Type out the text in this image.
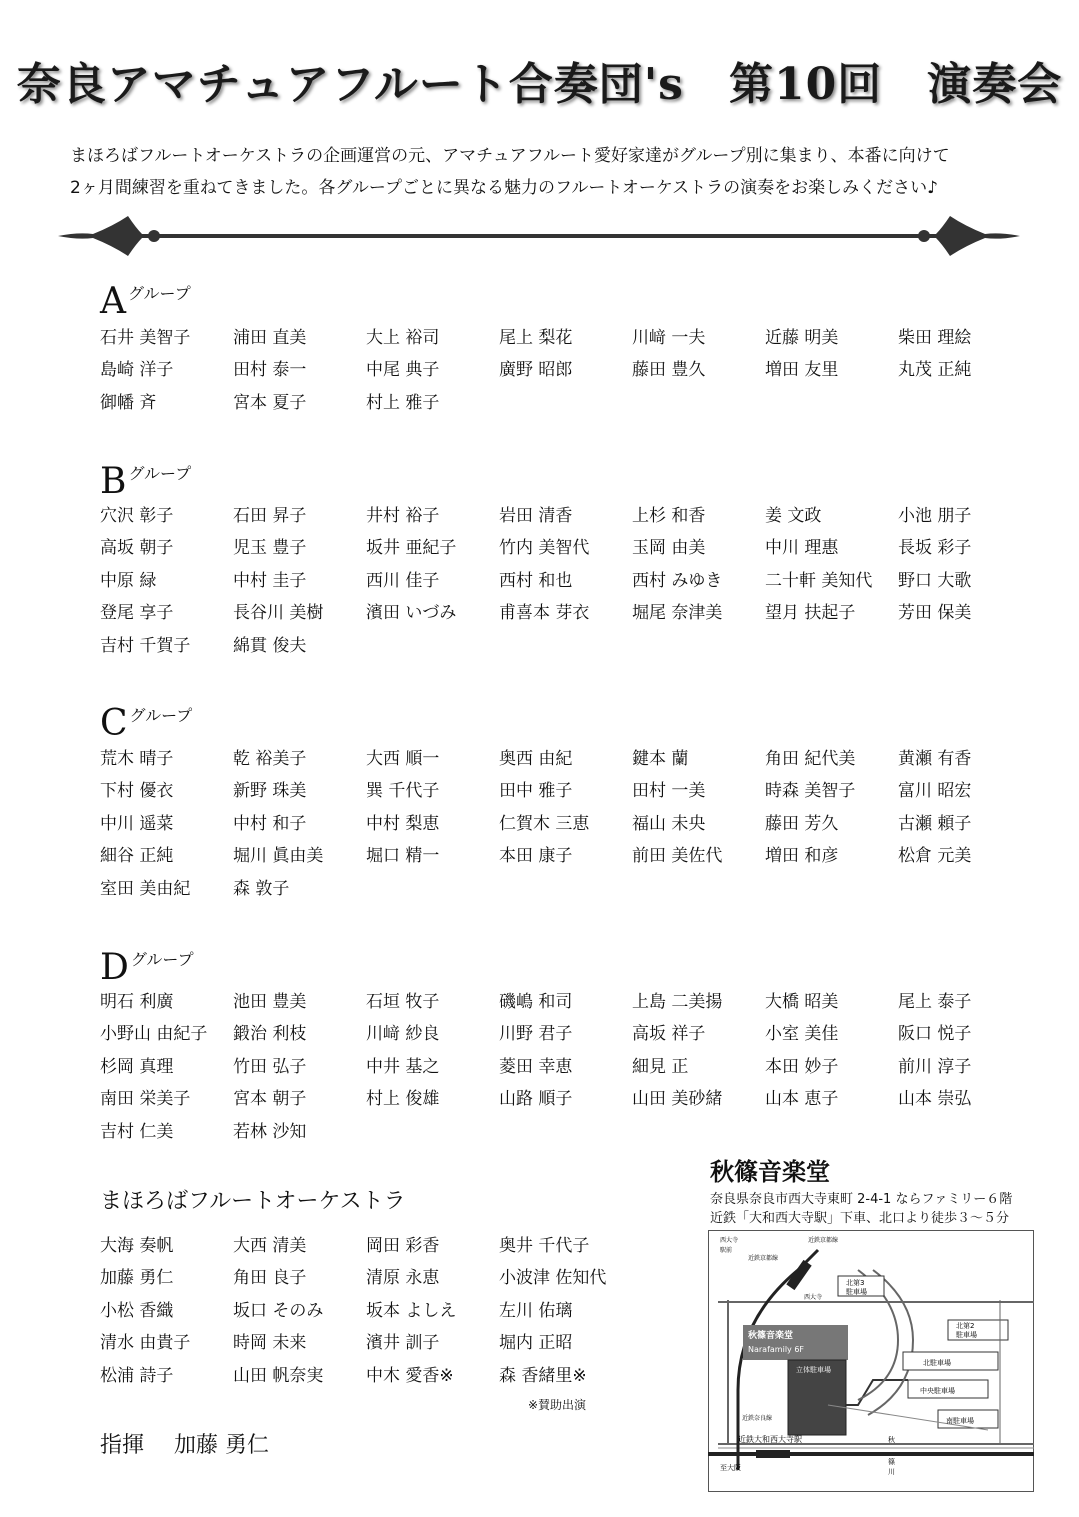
奈良アマチュアフルート合奏団's　第10回　演奏会
まほろばフルートオーケストラの企画運営の元、アマチュアフルート愛好家達がグループ別に集まり、本番に向けて
2ヶ月間練習を重ねてきました。各グループごとに異なる魅力のフルートオーケストラの演奏をお楽しみください♪
Aグループ
石井 美智子	浦田 直美	大上 裕司	尾上 梨花	川﨑 一夫	近藤 明美	柴田 理絵
島崎 洋子	田村 泰一	中尾 典子	廣野 昭郎	藤田 豊久	増田 友里	丸茂 正純
御幡 斉	宮本 夏子	村上 雅子
Bグループ
穴沢 彰子	石田 昇子	井村 裕子	岩田 清香	上杉 和香	姜 文政	小池 朋子
高坂 朝子	児玉 豊子	坂井 亜紀子	竹内 美智代	玉岡 由美	中川 理惠	長坂 彩子
中原 緑	中村 圭子	西川 佳子	西村 和也	西村 みゆき	二十軒 美知代	野口 大歌
登尾 享子	長谷川 美樹	濱田 いづみ	甫喜本 芽衣	堀尾 奈津美	望月 扶起子	芳田 保美
吉村 千賀子	綿貫 俊夫
Cグループ
荒木 晴子	乾 裕美子	大西 順一	奥西 由紀	鍵本 蘭	角田 紀代美	黄瀬 有香
下村 優衣	新野 珠美	巽 千代子	田中 雅子	田村 一美	時森 美智子	富川 昭宏
中川 遥菜	中村 和子	中村 梨恵	仁賀木 三恵	福山 未央	藤田 芳久	古瀬 頼子
細谷 正純	堀川 眞由美	堀口 精一	本田 康子	前田 美佐代	増田 和彦	松倉 元美
室田 美由紀	森 敦子
Dグループ
明石 利廣	池田 豊美	石垣 牧子	磯嶋 和司	上島 二美揚	大橋 昭美	尾上 泰子
小野山 由紀子	鍛治 利枝	川﨑 紗良	川野 君子	高坂 祥子	小室 美佳	阪口 悦子
杉岡 真理	竹田 弘子	中井 基之	菱田 幸恵	細見 正	本田 妙子	前川 淳子
南田 栄美子	宮本 朝子	村上 俊雄	山路 順子	山田 美砂緒	山本 恵子	山本 崇弘
吉村 仁美	若林 沙知
まほろばフルートオーケストラ
大海 奏帆	大西 清美	岡田 彩香	奥井 千代子
加藤 勇仁	角田 良子	清原 永恵	小波津 佐知代
小松 香織	坂口 そのみ	坂本 よしえ	左川 佑璃
清水 由貴子	時岡 未来	濱井 訓子	堀内 正昭
松浦 詩子	山田 帆奈実	中木 愛香※	森 香緒里※
※賛助出演
指揮 加藤 勇仁
秋篠音楽堂
奈良県奈良市西大寺東町 2-4-1 ならファミリー６階
近鉄「大和西大寺駅」下車、北口より徒歩３～５分
秋篠音楽堂
Narafamily 6F
北第3
駐車場
北第2
駐車場
北駐車場
中央駐車場
南駐車場
立体駐車場
近鉄大和西大寺駅
至大阪
秋
篠
川
西大寺
西大寺
駅前
近鉄京都線
近鉄奈良線
近鉄京都線
